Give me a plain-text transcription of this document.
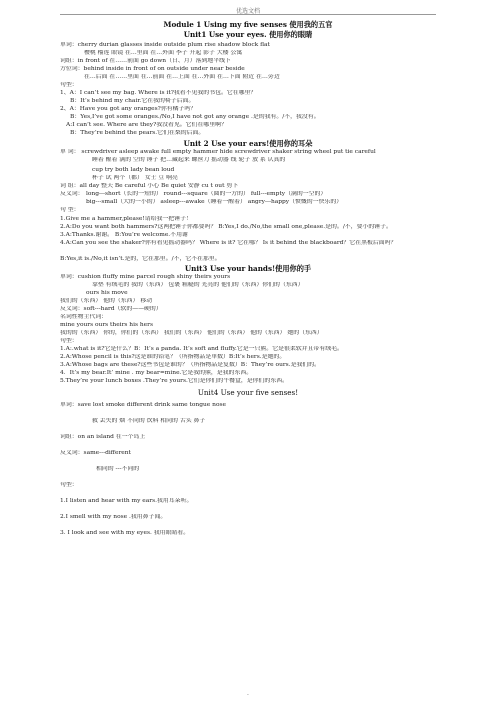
优选文档
Module 1 Using my five senses 使用我的五官
Unit1 Use your eyes. 使用你的眼睛
单词：cherry durian glasses inside outside plum rise shadow block flat
樱桃 榴莲 眼镜 在…里面 在…外面 李子 升起 影子 大楼 公寓
词组：in front of 在……前面 go down（日、月）落到地平线下
方位词：behind inside in front of on outside under near beside
在…后面 在……里面 在…前面 在…上面 在…外面 在…下面 附近 在…旁边
句型：
1、A：I can’t see my bag. Where is it?我看不见我的书包。它在哪里？
B：It’s behind my chair.它在我的椅子后面。
2、A：Have you got any oranges?你有橘子吗？
B：Yes,I’ve got some oranges./No,I have not got any orange .是的我有。/不，我没有。
A:I can’t see. Where are they?我没看见。它们在哪里啊？
B：They’re behind the pears.它们在梨的后面。
Unit 2 Use your ears!使用你的耳朵
单 词： screwdriver asleep awake full empty hammer hide screwdriver shaker string wheel put tie careful
睡着 醒着 满的 空的 锤子 把…藏起来 螺丝刀 摇动器 线 轮子 放 系 认真的
cup try both lady bean loud
杯子 试 两个（都） 女士 豆 响亮
词 组：all day 整天 Be careful 小心 Be quiet 安静 cu t out 剪下
反义词： long---short（长的一短的） round---square（圆的一方的） full---empty（满的一空的）
big---small（大的一小的） asleep---awake（睡着一醒着） angry---happy（愤慨的一快乐的）
句 型：
1.Give me a hammer,please!请给我一把锤子！
2.A:Do you want both hammers?这两把锤子你都要吗？ B:Yes,I do./No,the small one,please.是的。/不，要小的锤子。
3.A:Thanks.谢谢。 B:You’re welcome.不用谢
4.A:Can you see the shaker?你有看见摇动器吗？ Where is it? 它在哪？ Is it behind the blackboard？它在黑板后面吗？
B:Yes,it is./No,it isn’t.是的，它在那里。/不，它不在那里。
Unit3 Use your hands!使用你的手
单词：cushion fluffy mine parcel rough shiny theirs yours
靠垫 有绒毛的 我的（东西） 包裹 粗糙的 光亮的 他们的（东西）你们的（东西）
ours his move
我们的（东西） 他的（东西） 移动
反义词：soft---hard（软的——硬的）
名词性物主代词：
mine yours ours theirs his hers
我的的（东西） 你的，你们的（东西） 我们的（东西） 他们的（东西） 他的（东西） 她的（东西）
句型：
1.A:.what is it?它是什么？B：It’s a panda. It’s soft and fluffy.它是一只熊。它是很柔软并且带有绒毛。
2.A:Whose pencil is this?这是谁的铅笔？（所指物品是单数）B:It’s hers.是她的。
3.A:Whose bags are these?这些书包是谁的？（所指物品是复数）B：They’re ours.是我们的。
4．It’s my bear.It’ mine . my bear=mine.它是我的熊，是我的东西。
5.They’re your lunch boxes .They’re yours.它们是你们的午餐盒，是你们的东西。
Unit4 Use your five senses!
单词：save lost smoke different drink same tongue nose
救 丢失的 烟 不同的 饮料 相同的 舌头 鼻子
词组：on an island 在一个岛上
反义词：same---different
相同的 ---不同的
句型：
1.I listen and hear with my ears.我用耳朵听。
2.I smell with my nose .我用鼻子闻。
3. I look and see with my eyes. 我用眼睛看。
.
